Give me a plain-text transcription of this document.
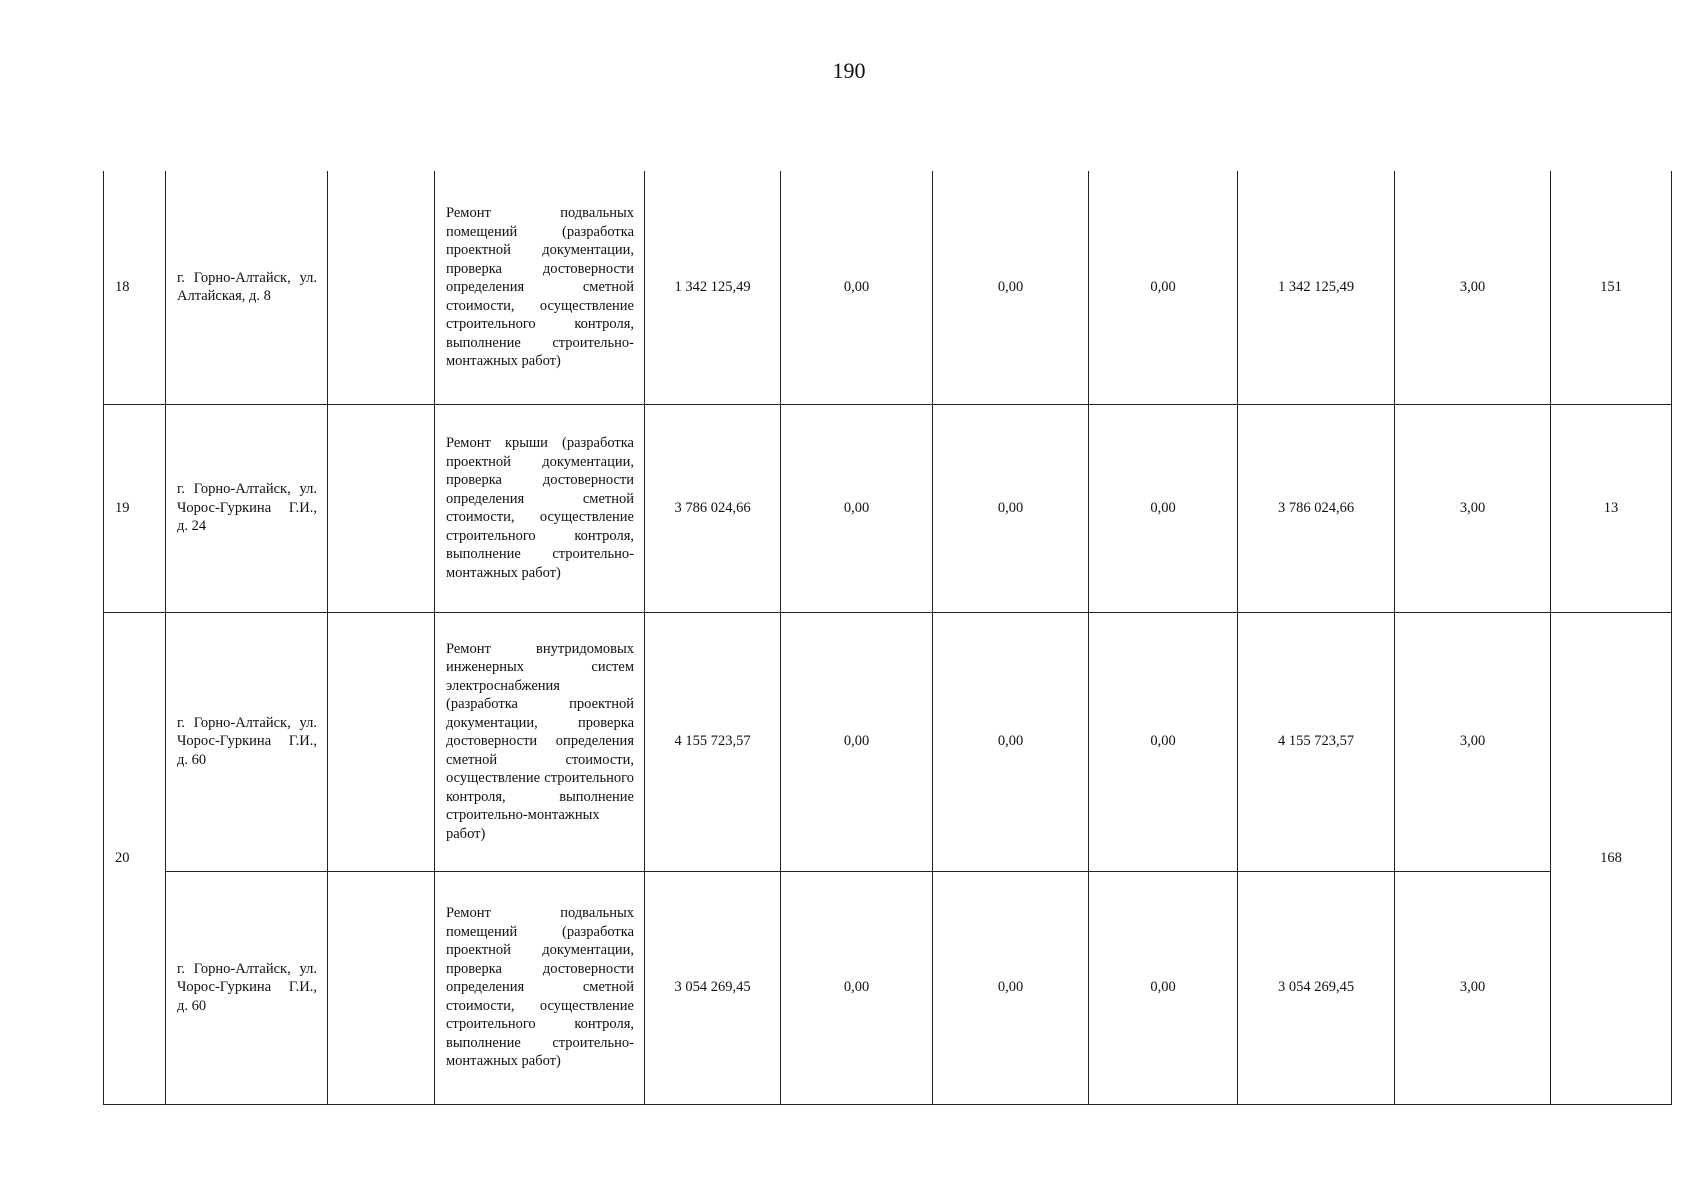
190
18	г. Горно-Алтайск, ул. Алтайская, д. 8		Ремонт подвальных помещений (разработка проектной документации, проверка достоверности определения сметной стоимости, осуществление строительного контроля, выполнение строительно-монтажных работ)	1 342 125,49	0,00	0,00	0,00	1 342 125,49	3,00	151
19	г. Горно-Алтайск, ул. Чорос-Гуркина Г.И., д. 24		Ремонт крыши (разработка проектной документации, проверка достоверности определения сметной стоимости, осуществление строительного контроля, выполнение строительно-монтажных работ)	3 786 024,66	0,00	0,00	0,00	3 786 024,66	3,00	13
20	г. Горно-Алтайск, ул. Чорос-Гуркина Г.И., д. 60		Ремонт внутридомовых инженерных систем электроснабжения (разработка проектной документации, проверка достоверности определения сметной стоимости, осуществление строительного контроля, выполнение строительно-монтажных работ)	4 155 723,57	0,00	0,00	0,00	4 155 723,57	3,00	168

	г. Горно-Алтайск, ул. Чорос-Гуркина Г.И., д. 60		Ремонт подвальных помещений (разработка проектной документации, проверка достоверности определения сметной стоимости, осуществление строительного контроля, выполнение строительно-монтажных работ)	3 054 269,45	0,00	0,00	0,00	3 054 269,45	3,00	
